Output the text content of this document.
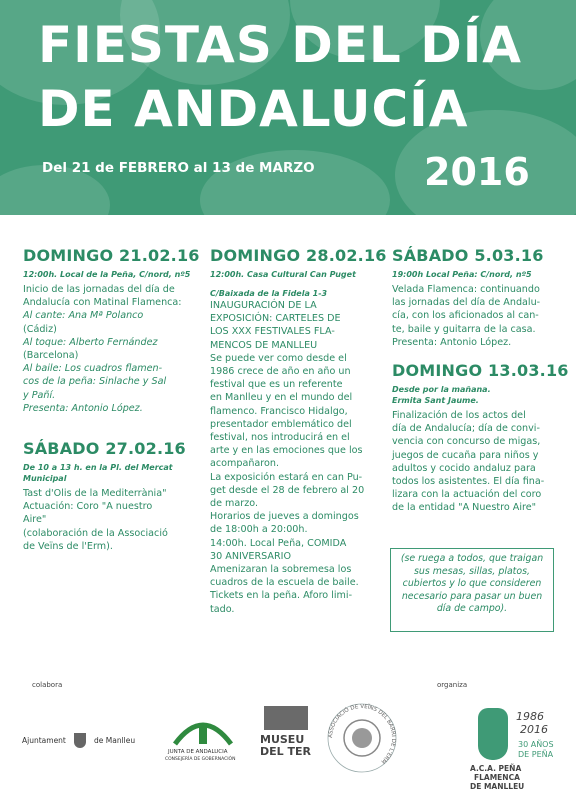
FIESTAS DEL DÍA
DE ANDALUCÍA
Del 21 de FEBRERO al 13 de MARZO	2016
DOMINGO 21.02.16
12:00h. Local de la Peña, C/nord, nº5

Inicio de las jornadas del día de

Andalucía con Matinal Flamenca:

Al cante: Ana Mª Polanco

(Cádiz)

Al toque: Alberto Fernández

(Barcelona)

Al baile: Los cuadros flamen-

cos de la peña: Sinlache y Sal

y Pañí.

Presenta: Antonio López.

SÁBADO 27.02.16
De 10 a 13 h. en la Pl. del Mercat
Municipal

Tast d'Olis de la Mediterrània"

Actuación: Coro "A nuestro

Aire"

(colaboración de la Associació

de Veïns de l'Erm).

DOMINGO 28.02.16
12:00h. Casa Cultural Can Puget
C/Baixada de la Fidela 1-3

INAUGURACIÓN DE LA

EXPOSICIÓN: CARTELES DE

LOS XXX FESTIVALES FLA-

MENCOS DE MANLLEU

Se puede ver como desde el

1986 crece de año en año un

festival que es un referente

en Manlleu y en el mundo del

flamenco. Francisco Hidalgo,

presentador emblemático del

festival, nos introducirá en el

arte y en las emociones que los

acompañaron.

La exposición estará en can Pu-

get desde el 28 de febrero al 20

de marzo.

Horarios de jueves a domingos

de 18:00h a 20:00h.

14:00h. Local Peña, COMIDA

30 ANIVERSARIO

Amenizaran la sobremesa los

cuadros de la escuela de baile.

Tickets en la peña. Aforo limi-

tado.

SÁBADO 5.03.16
19:00h Local Peña: C/nord, nº5

Velada Flamenca: continuando

las jornadas del día de Andalu-

cía, con los aficionados al can-

te, baile y guitarra de la casa.

Presenta: Antonio López.

DOMINGO 13.03.16
Desde por la mañana.
Ermita Sant Jaume.

Finalización de los actos del

día de Andalucía; día de convi-

vencia con concurso de migas,

juegos de cucaña para niños y

adultos y cocido andaluz para

todos los asistentes. El día fina-

lizara con la actuación del coro

de la entidad "A Nuestro Aire"

(se ruega a todos, que traigan sus mesas, sillas, platos, cubiertos y lo que consideren necesario para pasar un buen día de campo).
colabora	organiza
Ajuntament	de Manlleu
JUNTA DE ANDALUCIA
CONSEJERÍA DE GOBERNACIÓN
MUSEU
DEL TER
ASSOCIACIÓ DE VEÏNS DEL BARRI DE L'ERM
1986
2016
30 AÑOS
DE PEÑA
A.C.A. PEÑA
FLAMENCA
DE MANLLEU
